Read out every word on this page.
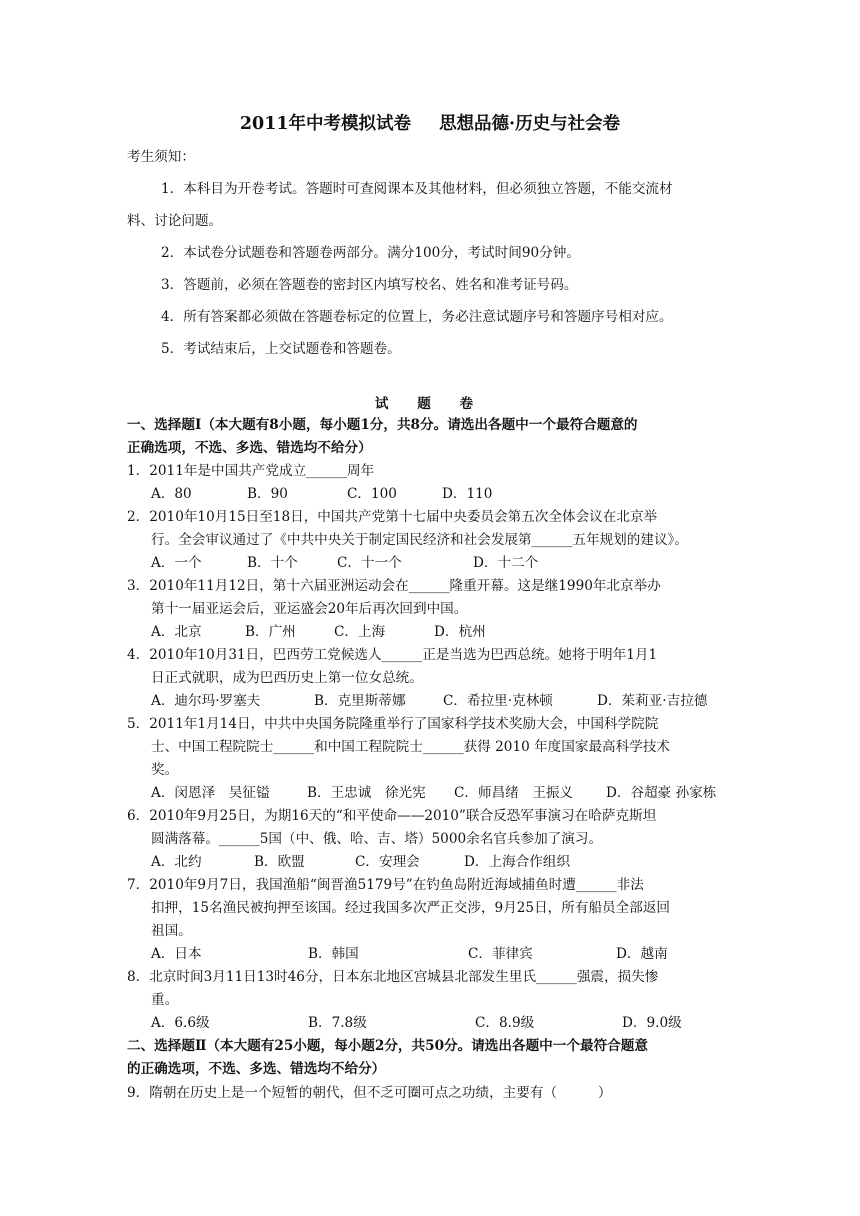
2011年中考模拟试卷 思想品德·历史与社会卷
考生须知：
1．本科目为开卷考试。答题时可查阅课本及其他材料，但必须独立答题，不能交流材
料、讨论问题。
2．本试卷分试题卷和答题卷两部分。满分100分，考试时间90分钟。
3．答题前，必须在答题卷的密封区内填写校名、姓名和准考证号码。
4．所有答案都必须做在答题卷标定的位置上，务必注意试题序号和答题序号相对应。
5．考试结束后，上交试题卷和答题卷。
试 题 卷
一、选择题Ⅰ（本大题有8小题，每小题1分，共8分。请选出各题中一个最符合题意的
正确选项，不选、多选、错选均不给分）
1．2011年是中国共产党成立______周年
A．80	B．90	C．100	D．110
2．2010年10月15日至18日，中国共产党第十七届中央委员会第五次全体会议在北京举
行。全会审议通过了《中共中央关于制定国民经济和社会发展第______五年规划的建议》。
A．一个	B．十个	C．十一个	D．十二个
3．2010年11月12日，第十六届亚洲运动会在______隆重开幕。这是继1990年北京举办
第十一届亚运会后，亚运盛会20年后再次回到中国。
A．北京	B．广州	C．上海	D．杭州
4．2010年10月31日，巴西劳工党候选人______正是当选为巴西总统。她将于明年1月1
日正式就职，成为巴西历史上第一位女总统。
A．迪尔玛·罗塞夫	B．克里斯蒂娜	C．希拉里·克林顿	D．茱莉亚·吉拉德
5．2011年1月14日，中共中央国务院隆重举行了国家科学技术奖励大会，中国科学院院
士、中国工程院院士______和中国工程院院士______获得 2010 年度国家最高科学技术
奖。
A．闵恩泽　吴征镒	B．王忠诚　徐光宪 C．师昌绪　王振义 D．谷超豪 孙家栋
6．2010年9月25日，为期16天的“和平使命——2010”联合反恐军事演习在哈萨克斯坦
圆满落幕。______5国（中、俄、哈、吉、塔）5000余名官兵参加了演习。
A．北约	B．欧盟	C．安理会	D．上海合作组织
7．2010年9月7日，我国渔船“闽晋渔5179号”在钓鱼岛附近海域捕鱼时遭______非法
扣押，15名渔民被拘押至该国。经过我国多次严正交涉，9月25日，所有船员全部返回
祖国。
A．日本	B．韩国	C．菲律宾	D．越南
8．北京时间3月11日13时46分，日本东北地区宫城县北部发生里氏______强震，损失惨
重。
A．6.6级	B．7.8级	C．8.9级	D．9.0级
二、选择题Ⅱ（本大题有25小题，每小题2分，共50分。请选出各题中一个最符合题意
的正确选项，不选、多选、错选均不给分）
9．隋朝在历史上是一个短暂的朝代，但不乏可圈可点之功绩，主要有（　　　）
